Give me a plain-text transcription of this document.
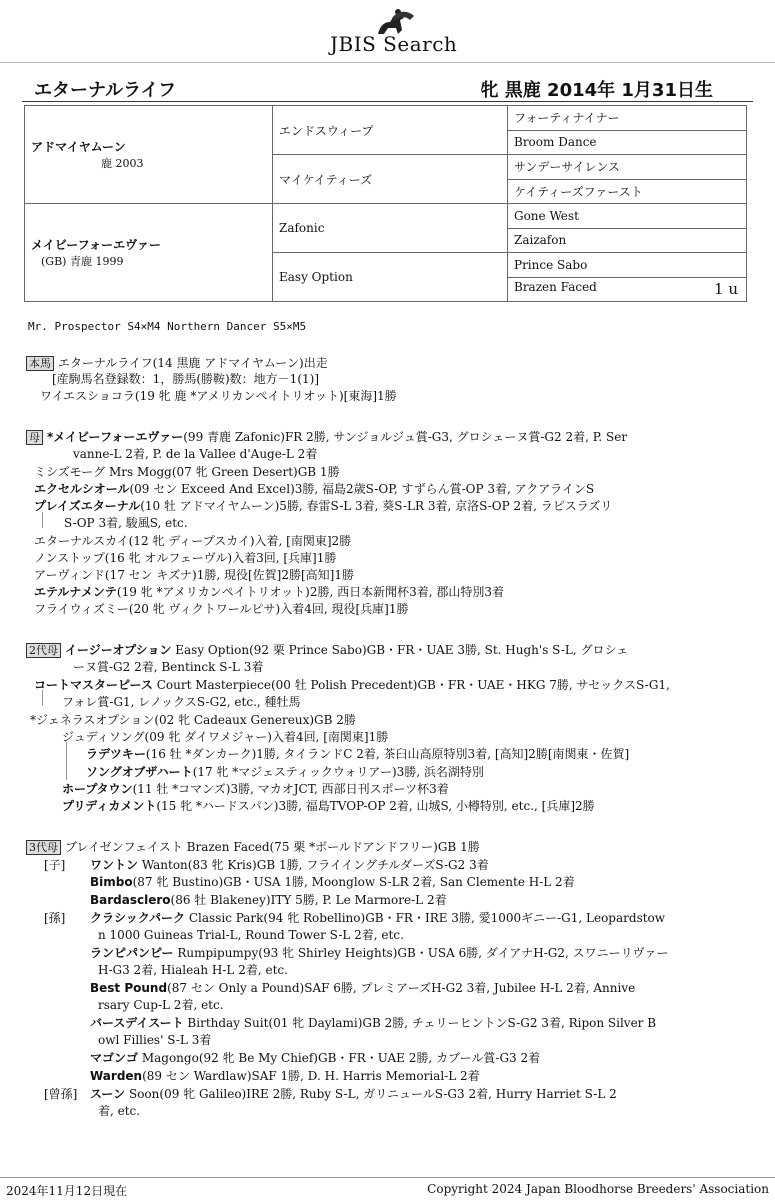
JBIS Search
エターナルライフ	牝 黒鹿 2014年 1月31日生
アドマイヤムーン
鹿 2003	エンドスウィープ	フォーティナイナー
		Broom Dance
	マイケイティーズ	サンデーサイレンス
		ケイティーズファースト

メイビーフォーエヴァー
(GB) 青鹿 1999	Zafonic	Gone West
		Zaizafon
	Easy Option	Prince Sabo
		Brazen Faced 1 u
Mr. Prospector S4×M4 Northern Dancer S5×M5
本馬 エターナルライフ(14 黒鹿 アドマイヤムーン)出走
[産駒馬名登録数：1，勝馬(勝鞍)数：地方－1(1)]
ワイエスショコラ(19 牝 鹿 *アメリカンペイトリオット)[東海]1勝
母 *メイビーフォーエヴァー(99 青鹿 Zafonic)FR 2勝, サンジョルジュ賞-G3, グロシェーヌ賞-G2 2着, P. Ser
vanne-L 2着, P. de la Vallee d'Auge-L 2着
ミシズモーグ Mrs Mogg(07 牝 Green Desert)GB 1勝
エクセルシオール(09 セン Exceed And Excel)3勝, 福島2歳S-OP, すずらん賞-OP 3着, アクアラインS
プレイズエターナル(10 牡 アドマイヤムーン)5勝, 春雷S-L 3着, 葵S-LR 3着, 京洛S-OP 2着, ラピスラズリ
S-OP 3着, 駿風S, etc.
エターナルスカイ(12 牝 ディープスカイ)入着, [南関東]2勝
ノンストップ(16 牝 オルフェーヴル)入着3回, [兵庫]1勝
アーヴィンド(17 セン キズナ)1勝, 現役[佐賀]2勝[高知]1勝
エテルナメンテ(19 牝 *アメリカンペイトリオット)2勝, 西日本新聞杯3着, 郡山特別3着
フライウィズミー(20 牝 ヴィクトワールピサ)入着4回, 現役[兵庫]1勝
2代母 イージーオプション Easy Option(92 栗 Prince Sabo)GB・FR・UAE 3勝, St. Hugh's S-L, グロシェ
ーヌ賞-G2 2着, Bentinck S-L 3着
コートマスターピース Court Masterpiece(00 牡 Polish Precedent)GB・FR・UAE・HKG 7勝, サセックスS-G1,
フォレ賞-G1, レノックスS-G2, etc., 種牡馬
*ジェネラスオプション(02 牝 Cadeaux Genereux)GB 2勝
ジュディソング(09 牝 ダイワメジャー)入着4回, [南関東]1勝
ラデツキー(16 牡 *ダンカーク)1勝, タイランドC 2着, 茶臼山高原特別3着, [高知]2勝[南関東・佐賀]
ソングオブザハート(17 牝 *マジェスティックウォリアー)3勝, 浜名湖特別
ホープタウン(11 牡 *コマンズ)3勝, マカオJCT, 西部日刊スポーツ杯3着
プリディカメント(15 牝 *ハードスパン)3勝, 福島TVOP-OP 2着, 山城S, 小樽特別, etc., [兵庫]2勝
3代母 ブレイゼンフェイスト Brazen Faced(75 栗 *ボールドアンドフリー)GB 1勝
[子] ワントン Wanton(83 牝 Kris)GB 1勝, フライイングチルダーズS-G2 3着
Bimbo(87 牝 Bustino)GB・USA 1勝, Moonglow S-LR 2着, San Clemente H-L 2着
Bardasclero(86 牡 Blakeney)ITY 5勝, P. Le Marmore-L 2着
[孫] クラシックパーク Classic Park(94 牝 Robellino)GB・FR・IRE 3勝, 愛1000ギニー-G1, Leopardstow
n 1000 Guineas Trial-L, Round Tower S-L 2着, etc.
ランピパンピー Rumpipumpy(93 牝 Shirley Heights)GB・USA 6勝, ダイアナH-G2, スワニーリヴァー
H-G3 2着, Hialeah H-L 2着, etc.
Best Pound(87 セン Only a Pound)SAF 6勝, プレミアーズH-G2 3着, Jubilee H-L 2着, Annive
rsary Cup-L 2着, etc.
バースデイスート Birthday Suit(01 牝 Daylami)GB 2勝, チェリーヒントンS-G2 3着, Ripon Silver B
owl Fillies' S-L 3着
マゴンゴ Magongo(92 牝 Be My Chief)GB・FR・UAE 2勝, カブール賞-G3 2着
Warden(89 セン Wardlaw)SAF 1勝, D. H. Harris Memorial-L 2着
[曾孫] スーン Soon(09 牝 Galileo)IRE 2勝, Ruby S-L, ガリニュールS-G3 2着, Hurry Harriet S-L 2
着, etc.
2024年11月12日現在	Copyright 2024 Japan Bloodhorse Breeders' Association
